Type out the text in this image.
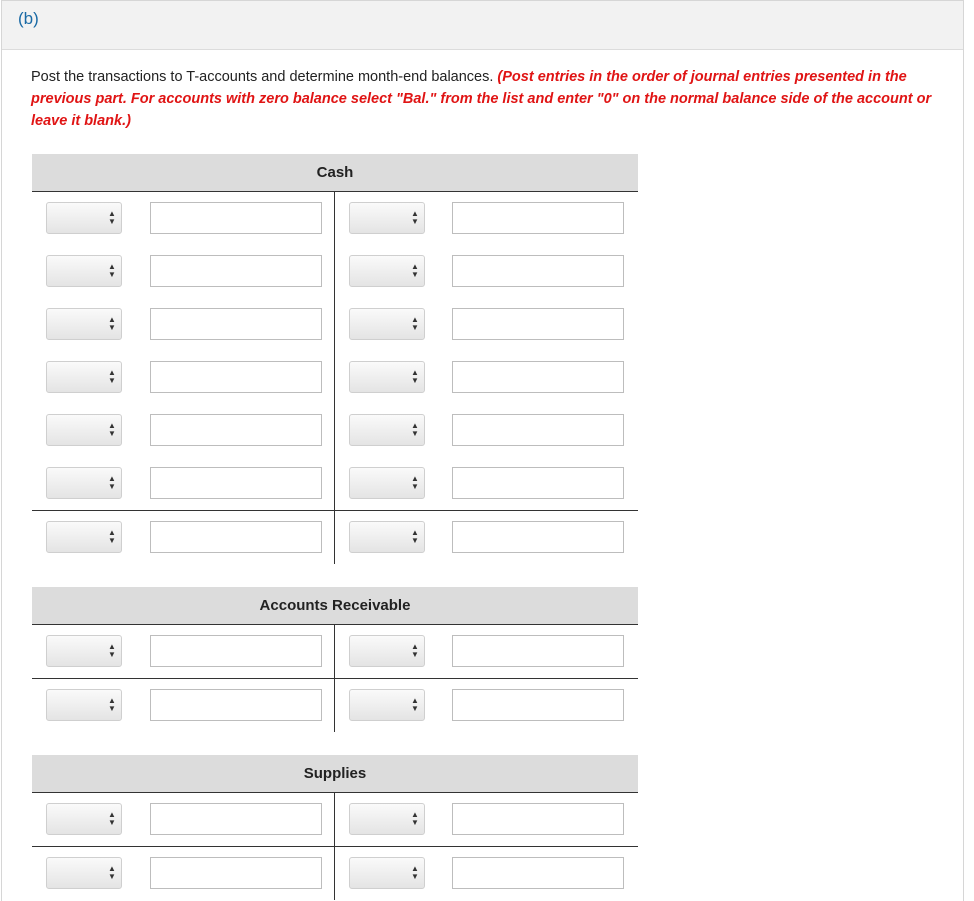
(b)
Post the transactions to T-accounts and determine month-end balances. (Post entries in the order of journal entries presented in the previous part. For accounts with zero balance select "Bal." from the list and enter "0" on the normal balance side of the account or leave it blank.)
Cash
▲
▼
▲
▼
▲
▼
▲
▼
▲
▼
▲
▼
▲
▼
▲
▼
▲
▼
▲
▼
▲
▼
▲
▼
▲
▼
▲
▼
Accounts Receivable
▲
▼
▲
▼
▲
▼
▲
▼
Supplies
▲
▼
▲
▼
▲
▼
▲
▼
